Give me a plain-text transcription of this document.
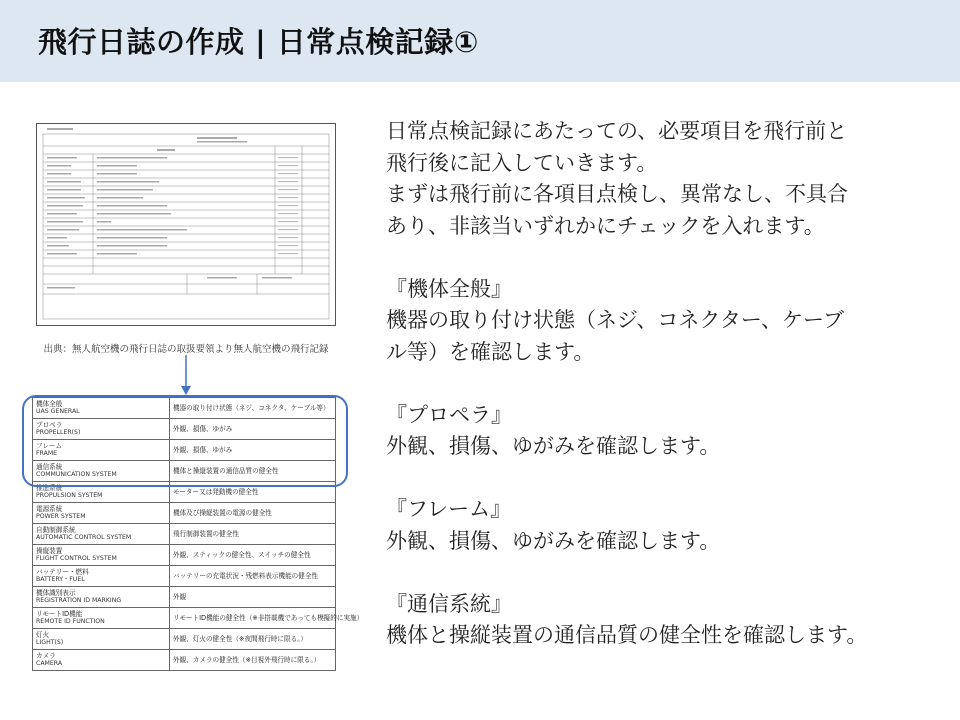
飛行日誌の作成 | 日常点検記録①
出典：無人航空機の飛行日誌の取扱要領より無人航空機の飛行記録
機体全般
UAS GENERAL	機器の取り付け状態（ネジ、コネクタ、ケーブル等）
プロペラ
PROPELLER(S)	外観、損傷、ゆがみ
フレーム
FRAME	外観、損傷、ゆがみ
通信系統
COMMUNICATION SYSTEM	機体と操縦装置の通信品質の健全性
推進系統
PROPULSION SYSTEM	モーター又は発動機の健全性
電源系統
POWER SYSTEM	機体及び操縦装置の電源の健全性
自動制御系統
AUTOMATIC CONTROL SYSTEM	飛行制御装置の健全性
操縦装置
FLIGHT CONTROL SYSTEM	外観、スティックの健全性、スイッチの健全性
バッテリー・燃料
BATTERY・FUEL	バッテリーの充電状況・残燃料表示機能の健全性
機体識別表示
REGISTRATION ID MARKING	外観
リモートID機能
REMOTE ID FUNCTION	リモートID機能の健全性（※非搭載機であっても模擬的に実施）
灯火
LIGHT(S)	外観、灯火の健全性（※夜間飛行時に限る。）
カメラ
CAMERA	外観、カメラの健全性（※目視外飛行時に限る。）

日常点検記録にあたっての、必要項目を飛行前と

飛行後に記入していきます。

まずは飛行前に各項目点検し、異常なし、不具合

あり、非該当いずれかにチェックを入れます。

『機体全般』

機器の取り付け状態（ネジ、コネクター、ケーブ

ル等）を確認します。

『プロペラ』

外観、損傷、ゆがみを確認します。

『フレーム』

外観、損傷、ゆがみを確認します。

『通信系統』

機体と操縦装置の通信品質の健全性を確認します。
